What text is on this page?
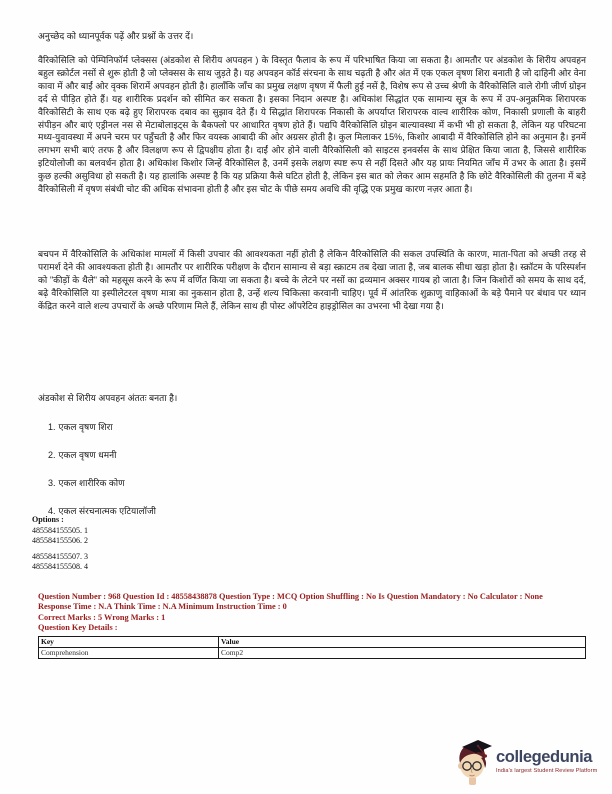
अनुच्छेद को ध्यानपूर्वक पढ़ें और प्रश्नों के उत्तर दें।
वैरिकोसिलि को पेम्पिनिफॉर्म प्लेक्सस (अंडकोश से शिरीय अपवहन ) के विस्तृत फैलाव के रूप में परिभाषित किया जा सकता है। आमतौर पर अंडकोश के शिरीय अपवहन बहुल स्क्रोर्टल नसों से शुरू होती है जो प्लेक्सस के साथ जुड़ते है। यह अपवहन कॉर्ड संरचना के साथ चढ़ती है और अंत में एक एकल वृषण शिरा बनाती है जो दाहिनी ओर वेना कावा में और बाईं ओर वृक्क शिरामें अपवहन होती है। हालाँकि जाँच का प्रमुख लक्षण वृषण में फैली हुई नसें है, विशेष रूप से उच्च श्रेणी के वैरिकोसिलि वाले रोगी जीर्ण ग्रोइन दर्द से पीड़ित होते हैं। यह शारीरिक प्रदर्शन को सीमित कर सकता है। इसका निदान अस्पष्ट है। अधिकांश सिद्धांत एक सामान्य सूत्र के रूप में उप-अनुक्रमिक शिरापरक वैरिकोसिटी के साथ एक बढ़े हुए शिरापरक दबाव का सुझाव देते हैं। ये सिद्धांत शिरापरक निकासी के अपर्याप्त शिरापरक वाल्व शारीरिक कोण, निकासी प्रणाली के बाहरी संपीड़न और बाएं एड्रीनल नस से मेटाबोलाइट्स के बैकफ्लो पर आधारित वृषण होते हैं। पद्यपि वैरिकोसिलि ग्रोइन बाल्यावस्था में कभी भी हो सकता है, लेकिन यह परिघटना मध्य-युवावस्था में अपने चरम पर पहुँचती है और फिर वयस्क आबादी की ओर अग्रसर होती है। कुल मिलाकर 15%, किशोर आबादी में वैरिकोसिलि होने का अनुमान है। इनमें लगभग सभी बाएं तरफ है और विलक्षण रूप से द्विपक्षीय होता है। दाईं ओर होने वाली वैरिकोसिली को साइटस इनवर्सस के साथ प्रेक्षित किया जाता है, जिससे शारीरिक इटियोलोजी का बलवर्धन होता है। अधिकांश किशोर जिन्हें वैरिकोसिल है, उनमें इसके लक्षण स्पष्ट रूप से नहीं दिसते और यह प्रायः नियमित जाँच में उभर के आता है। इसमें कुछ हल्की असुविधा हो सकती है। यह हालांकि अस्पष्ट है कि यह प्रक्रिया कैसे घटित होती है, लेकिन इस बात को लेकर आम सहमति है कि छोटे वैरिकोसिली की तुलना में बड़े वैरिकोसिली में वृषण संबंधी चोट की अधिक संभावना होती है और इस चोट के पीछे समय अवधि की वृद्धि एक प्रमुख कारण नज़र आता है।
बचपन में वैरिकोसिलि के अधिकांश मामलों में किसी उपचार की आवश्यकता नहीं होती है लेकिन वैरिकोसिलि की सकल उपस्थिति के कारण, माता-पिता को अच्छी तरह से परामर्श देने की आवश्यकता होती है। आमतौर पर शारीरिक परीक्षण के दौरान सामान्य से बड़ा स्क्राटम तब देखा जाता है, जब बालक सीधा खड़ा होता है। स्क्रॉटम के परिस्पर्शन को "कीड़ों के थैले" को महसूस करने के रूप में वर्णित किया जा सकता है। बच्चे के लेटने पर नसों का द्रव्यमान अक्सर गायब हो जाता है। जिन किशोरों को समय के साथ दर्द, बढ़े वैरिकोसिलि या इस्पीलेटरल वृषण मात्रा का नुकसान होता है, उन्हें शल्य चिकित्सा करवानी चाहिए। पूर्व में आंतरिक शुक्राणु वाहिकाओं के बड़े पैमाने पर बंधाव पर ध्यान केंद्रित करने वाले शल्य उपचारों के अच्छे परिणाम मिले हैं, लेकिन साथ ही पोस्ट ऑपरेटिव हाइड्रोसिल का उभरना भी देखा गया है।
अंडकोश से शिरीय अपवहन अंततः बनता है।
1. एकल वृषण शिरा
2. एकल वृषण धमनी
3. एकल शारीरिक कोण
4. एकल संरचनात्मक एटियालॉजी
Options :
485584155505. 1
485584155506. 2
485584155507. 3
485584155508. 4
Question Number : 968 Question Id : 48558438878 Question Type : MCQ Option Shuffling : No Is Question Mandatory : No Calculator : None
Response Time : N.A Think Time : N.A Minimum Instruction Time : 0
Correct Marks : 5 Wrong Marks : 1
Question Key Details :
Key	Value
Comprehension	Comp2
collegedunia
India's largest Student Review Platform
